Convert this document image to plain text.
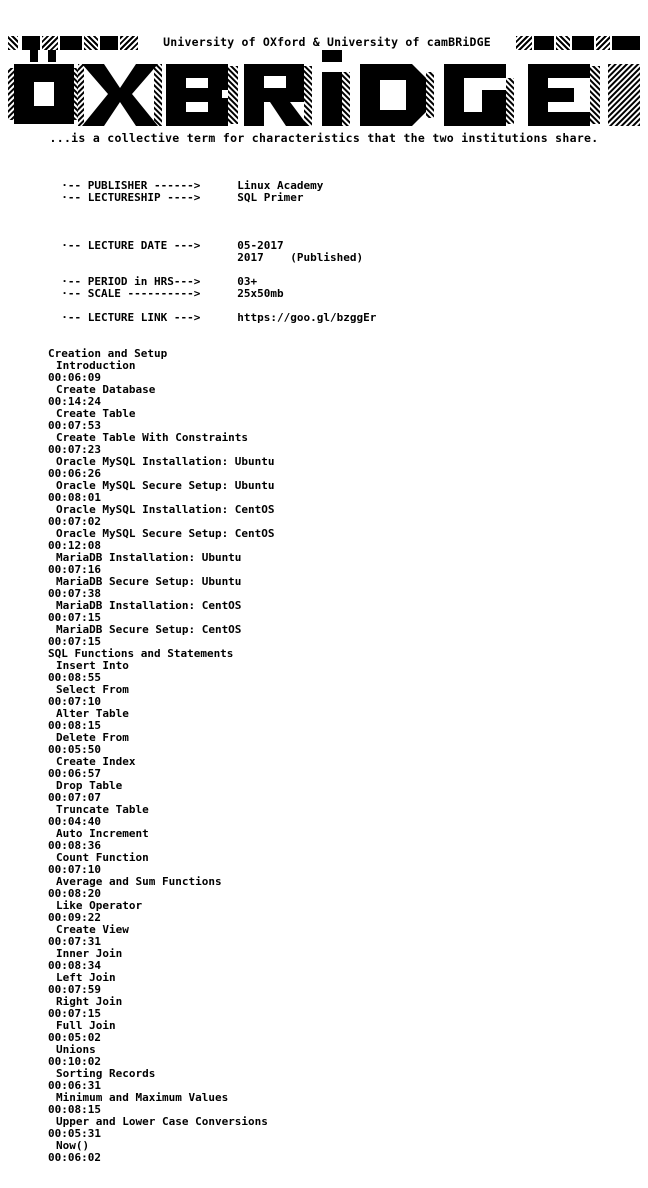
University of OXford & University of camBRiDGE
...is a collective term for characteristics that the two institutions share.

·-- PUBLISHER ------>	Linux Academy

·-- LECTURESHIP ---->	SQL Primer

·-- LECTURE DATE --->	05-2017

2017    (Published)

·-- PERIOD in HRS--->	03+

·-- SCALE ---------->	25x50mb

·-- LECTURE LINK --->	https://goo.gl/bzggEr

Creation and Setup
Introduction
00:06:09
Create Database
00:14:24
Create Table
00:07:53
Create Table With Constraints
00:07:23
Oracle MySQL Installation: Ubuntu
00:06:26
Oracle MySQL Secure Setup: Ubuntu
00:08:01
Oracle MySQL Installation: CentOS
00:07:02
Oracle MySQL Secure Setup: CentOS
00:12:08
MariaDB Installation: Ubuntu
00:07:16
MariaDB Secure Setup: Ubuntu
00:07:38
MariaDB Installation: CentOS
00:07:15
MariaDB Secure Setup: CentOS
00:07:15
SQL Functions and Statements
Insert Into
00:08:55
Select From
00:07:10
Alter Table
00:08:15
Delete From
00:05:50
Create Index
00:06:57
Drop Table
00:07:07
Truncate Table
00:04:40
Auto Increment
00:08:36
Count Function
00:07:10
Average and Sum Functions
00:08:20
Like Operator
00:09:22
Create View
00:07:31
Inner Join
00:08:34
Left Join
00:07:59
Right Join
00:07:15
Full Join
00:05:02
Unions
00:10:02
Sorting Records
00:06:31
Minimum and Maximum Values
00:08:15
Upper and Lower Case Conversions
00:05:31
Now()
00:06:02
